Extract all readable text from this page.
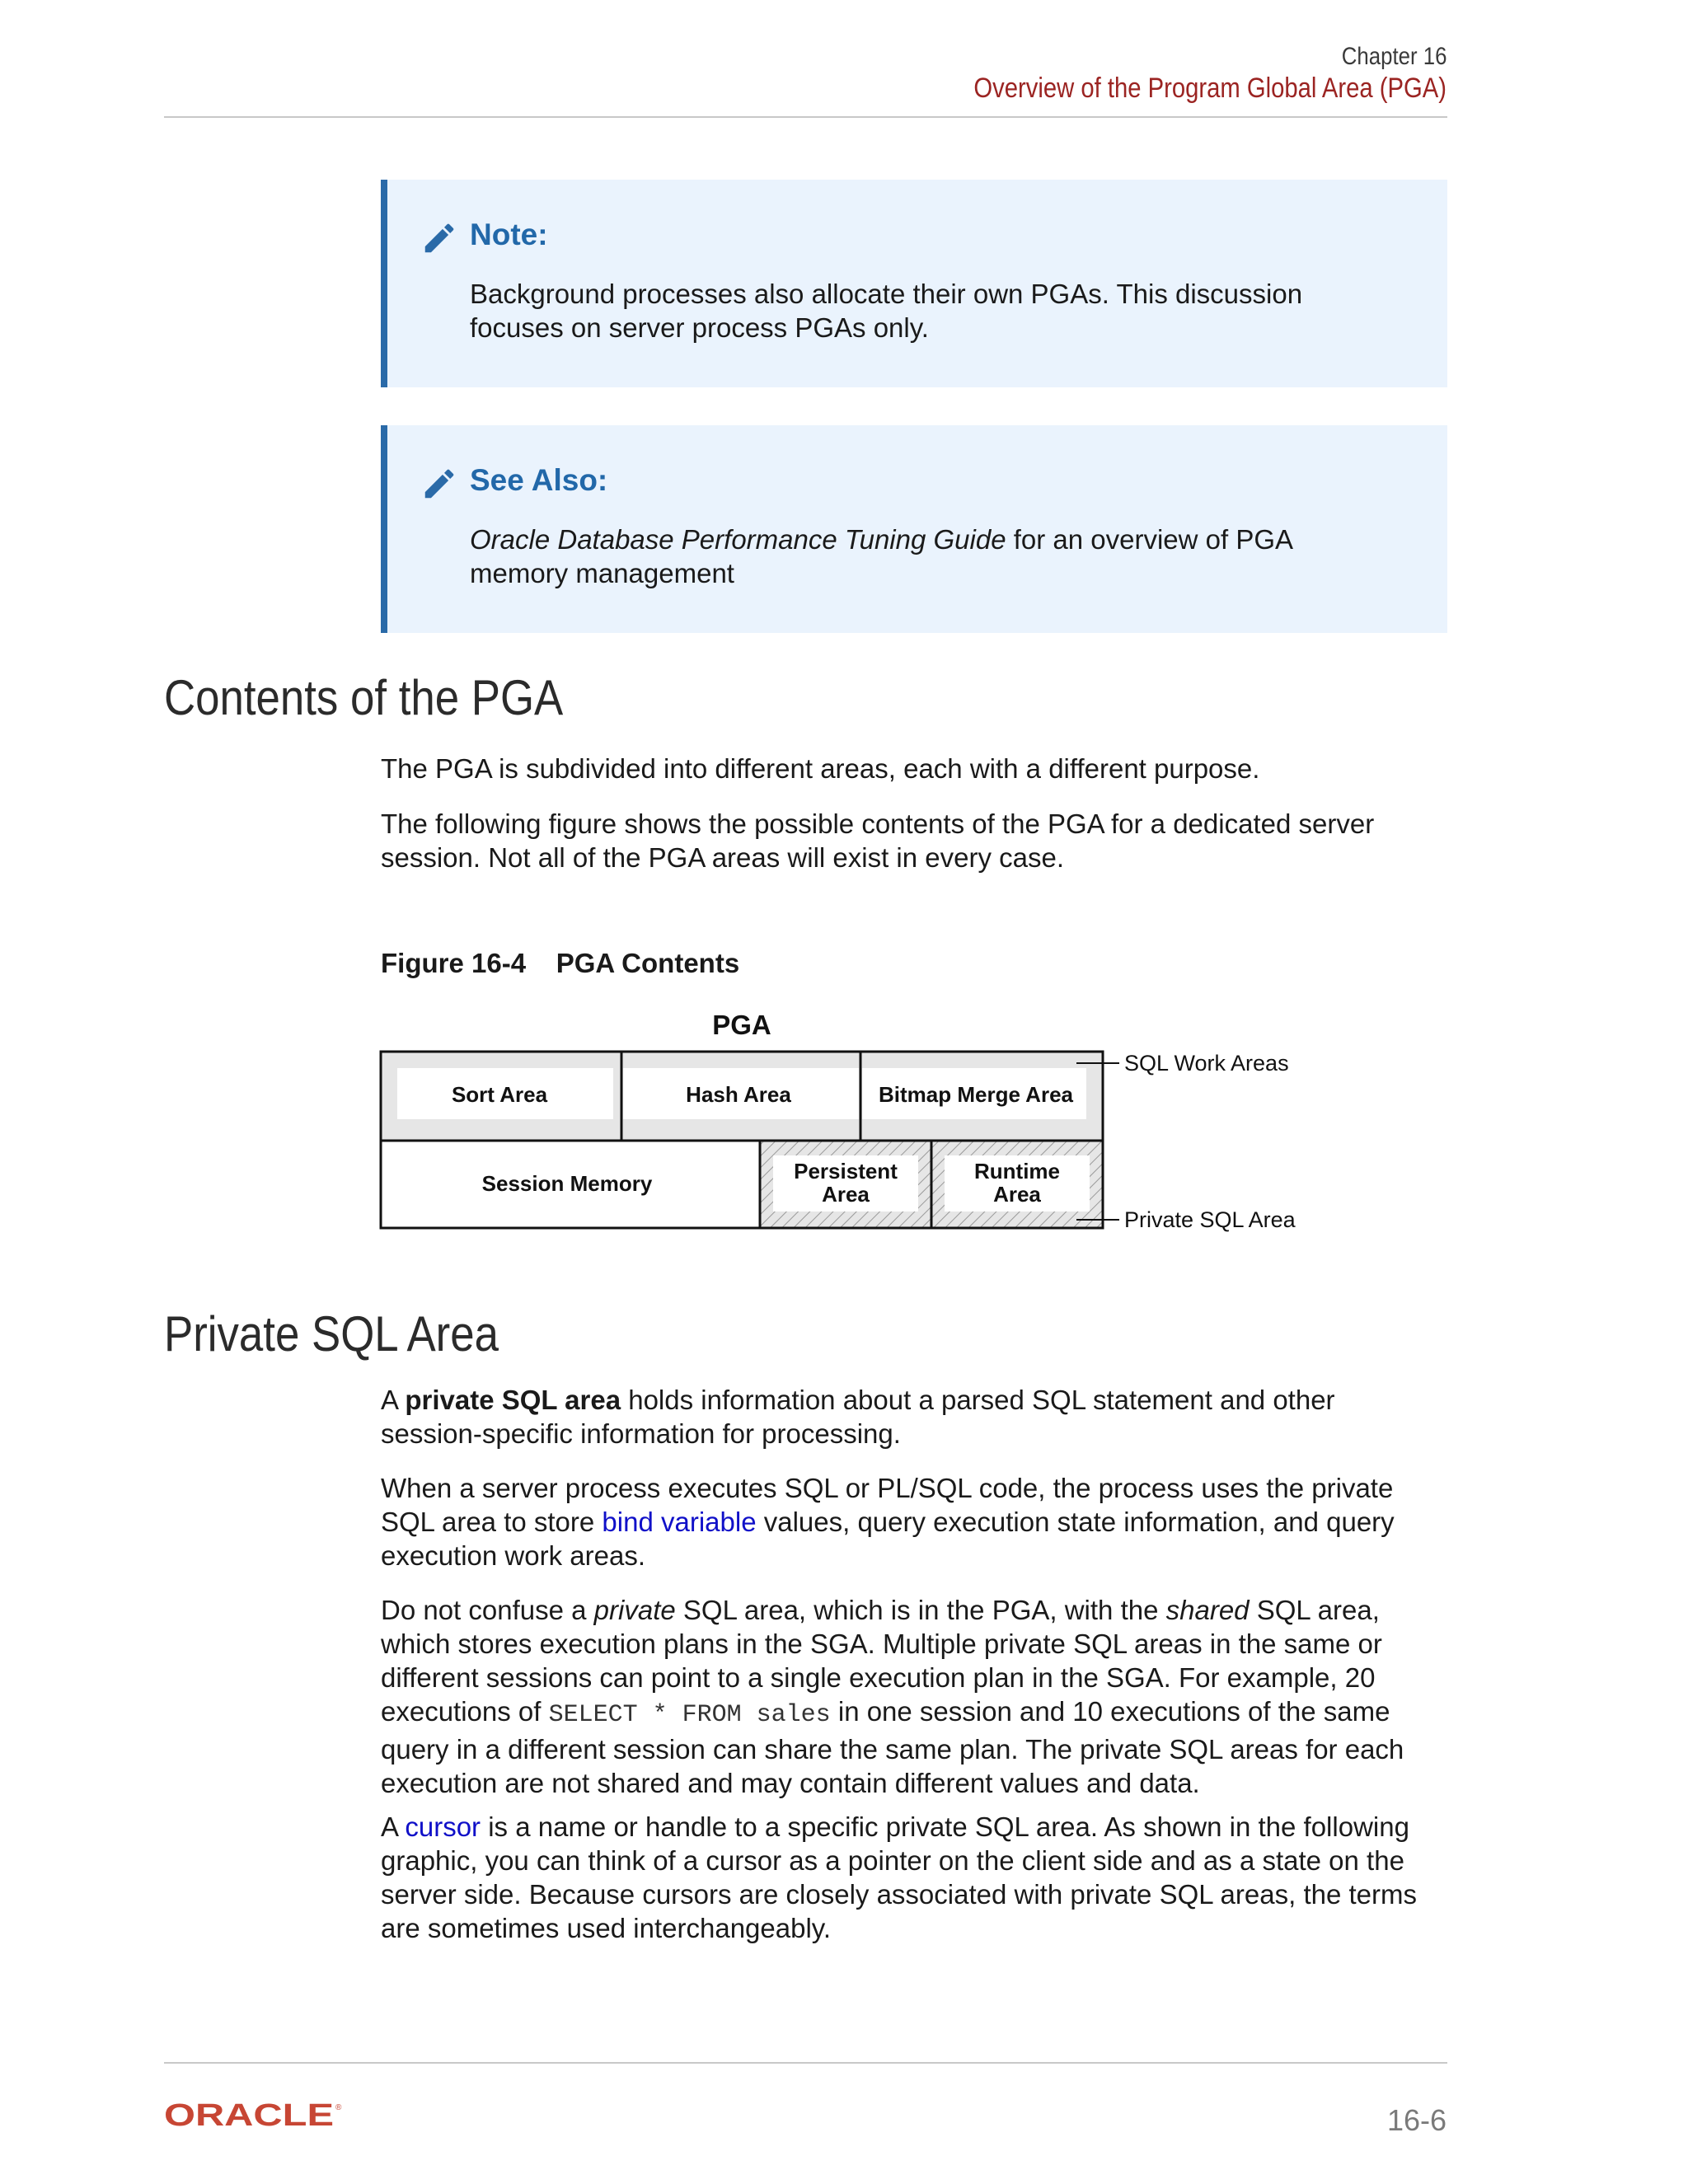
Chapter 16
Overview of the Program Global Area (PGA)
Note:
Background processes also allocate their own PGAs. This discussion
focuses on server process PGAs only.
See Also:
Oracle Database Performance Tuning Guide for an overview of PGA
memory management
Contents of the PGA
The PGA is subdivided into different areas, each with a different purpose.
The following figure shows the possible contents of the PGA for a dedicated server
session. Not all of the PGA areas will exist in every case.
Figure 16-4    PGA Contents
PGA
Sort Area	Hash Area	Bitmap Merge Area
Session Memory	Persistent
Area
Runtime
Area
SQL Work Areas
Private SQL Area
Private SQL Area
A private SQL area holds information about a parsed SQL statement and other
session-specific information for processing.
When a server process executes SQL or PL/SQL code, the process uses the private
SQL area to store bind variable values, query execution state information, and query
execution work areas.
Do not confuse a private SQL area, which is in the PGA, with the shared SQL area,
which stores execution plans in the SGA. Multiple private SQL areas in the same or
different sessions can point to a single execution plan in the SGA. For example, 20
executions of SELECT * FROM sales in one session and 10 executions of the same
query in a different session can share the same plan. The private SQL areas for each
execution are not shared and may contain different values and data.
A cursor is a name or handle to a specific private SQL area. As shown in the following
graphic, you can think of a cursor as a pointer on the client side and as a state on the
server side. Because cursors are closely associated with private SQL areas, the terms
are sometimes used interchangeably.
ORACLE ®	16-6
